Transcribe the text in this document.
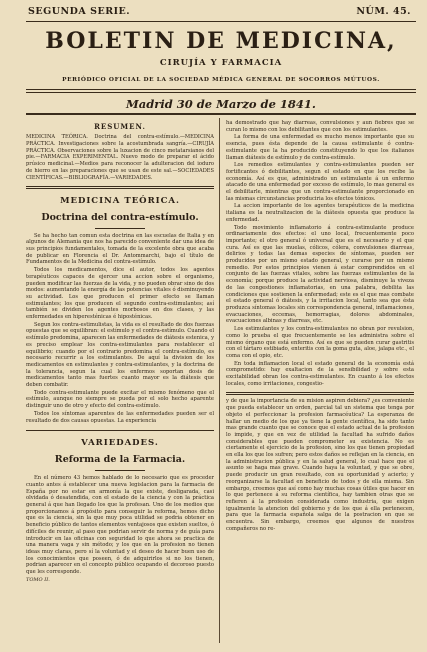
SEGUNDA SERIE.	NÚM. 45.
BOLETIN DE MEDICINA,
CIRUJÍA Y FARMACIA
PERIÓDICO OFICIAL DE LA SOCIEDAD MÉDICA GENERAL DE SOCORROS MÚTUOS.
Madrid 30 de Marzo de 1841.
RESUMEN.

MEDICINA TEÓRICA. Doctrina del contra-estímulo.—MEDICINA PRÁCTICA. Investigaciones sobre la acostumbrada sangría.—CIRUJÍA PRÁCTICA. Observaciones sobre la luxacion de cinco metatarsianos del pie.—FARMACIA EXPERIMENTAL. Nuevo modo de preparar el ácido prúsico medicinal.—Medios para reconocer la adulteracion del ioduro de hierro en las preparaciones que se usan de este sal.—SOCIEDADES CIENTÍFICAS.—BIBLIOGRAFÍA.—VARIEDADES.

MEDICINA TEÓRICA.
Doctrina del contra-estímulo.

Se ha hecho tan comun esta doctrina en las escuelas de Italia y en algunos de Alemania que nos ha parecido conveniente dar una idea de sus principios fundamentales, tomada de la excelente obra que acaba de publicar en Florencia el Dr. Antommarchi, bajo el título de Fundamentos de la Medicina del contra-estímulo.

Todos los medicamentos, dice el autor, todos los agentes terapéuticos capaces de ejercer una accion sobre el organismo, pueden modificar las fuerzas de la vida, y no pueden obrar sino de dos modos: aumentando la energía de las potencias vitales ó disminuyendo su actividad. Los que producen el primer efecto se llaman estimulantes; los que producen el segundo contra-estimulantes; así también se dividen los agentes morbosos en dos clases, y las enfermedades en hiperesténicas é hiposténicas.

Segun los contra-estimulistas, la vida es el resultado de dos fuerzas opuestas que se equilibran: el estímulo y el contra-estímulo. Cuando el estímulo predomina, aparecen las enfermedades de diátesis estenica, y es preciso emplear los contra-estimulantes para restablecer el equilibrio; cuando por el contrario predomina el contra-estímulo, es necesario recurrir a los estimulantes. De aquí la division de los medicamentos en estimulantes y contra-estimulantes, y la doctrina de la tolerancia, segun la cual los enfermos soportan dosis de medicamentos tanto mas fuertes cuanto mayor es la diátesis que deben combatir.

Todo contra-estimulante puede excitar el mismo fenómeno que el estímulo, aunque no siempre se pueda por el solo hecho aparente distinguir uno de otro y efecto del contra-estímulo.

Todos los síntomas aparentes de las enfermedades pueden ser el resultado de dos causas opuestas. La experiencia

VARIEDADES.
Reforma de la Farmacia.

En el número 43 hemos hablado de lo necesario que es proceder cuanto antes á establecer una nueva legislacion para la farmacia de España por no estar en armonía la que existe, desligarada, casi olvidada ó desatendida, con el estado de la ciencia y con la práctica general á que han llegado los que la profesan. Uno de los medios que proporcionamos á propósito para conseguir la reforma, hemos dicho que es la ciencia, sin la que muy poca utilidad se podria obtener en beneficio público de tantos elementos ventajosos que existen sueltos, ó difíciles de reunir, al paso que podrian servir de norma y de guía para introducir en las oficinas con seguridad lo que ahora se practica de una manera vaga y sin método; y los que en la profesion no tienen ideas muy claras, pero sí la voluntad y el deseo de hacer buen uso de los conocimientos que poseen, ó de adquirirlos si no los tienen, podrian aparecer en el concepto público ocupando el decoroso puesto que les corresponde.

TOMO II.

ha demostrado que hay diarreas, convulsiones y aun fiebres que se curan lo mismo con los debilitantes que con los estimulantes.

La forma de una enfermedad es mucho menos importante que su esencia, pues ésta depende de la causa estimulante ó contra-estimulante que la ha producido constituyendo lo que los italianos llaman diátesis de estímulo y de contra-estímulo.

Los remedios estimulantes y contra-estimulantes pueden ser fortificantes ó debilitantes, segun el estado en que los recibe la economía. Así es que, administrado un estimulante á un enfermo atacado de una enfermedad por exceso de estímulo, lo mas general es el debilitarle, mientras que un contra-estimulante proporcionado en las mismas circunstancias produciria los efectos tónicos.

La accion importante de los agentes terapéuticos de la medicina italiana es la neutralizacion de la diátesis opuesta que produce la enfermedad.

Todo movimiento inflamatorio á contra-estimulante produce ordinariamente dos efectos: el uno local, frecuentemente poco importante; el otro general ó universal que es el necesario y el que cura. Así es que las muelas, cólicos, cólera, convulsiones diarreas, delirios y todas las demas especies de síntomas, pueden ser producidos por un mismo estado general, y curarse por un mismo remedio. Por estos principios vienen á estar comprendidos en el conjunto de las fuerzas vitales, sobre las fuerzas estimulantes de la economía; porque produce la actividad nerviosa, disminuye la viveza de las congestiones inflamatorias, en una palabra, debilita las condiciones que sostienen la enfermedad; este es el que mas combate el estado general ó diátesis, y la irritacion local, tanto sea que ésta produzca síntomas locales sin correspondencia general, inflamaciones, evacuaciones, eccemas, hemorragias, dolores abdominales, evacuaciones albinas y diarreas, etc.

Los estimulantes y los contra-estimulantes no obran por revulsion, como lo prueba el que frecuentemente se les administra sobre el mismo órgano que está enfermo. Así es que se pueden curar gastritis con el tártaro estibiado, enteritis con la goma guta, aloe, jalapa etc., el coma con el opio, etc.

En toda inflamacion local el estado general de la economía está comprometido: hay exaltacion de la sensibilidad y sobre esta excitabilidad obran los contra-estimulantes. En cuanto á los efectos locales, como irritaciones, congestio-

y de que la importancia de su mision aspiren debiera? ¿es conveniente que pueda establecer un orden, parcial tal un sistema que tenga por objeto el perfeccionar la profesion farmacéutica? La esperanza de hallar un medio de los que ya tiene la gente científica, ha sido tanto mas grande cuanto que se conoce que el estado actual de la profesion lo impide, y que en vez de utilidad la facultad ha sufrido daños considerables que pueden comprometer su existencia. No es ciertamente el ejercicio de la profesion, sino los que tienen propiedad en ella los que los sufren; pero estos daños se reflejan en la ciencia, en la administracion pública y en la salud general, lo cual hace que el asunto se haga mas grave. Cuando haya la voluntad, y que se obre, puede producir un gran resultado, con su oportunidad y acierto; y reorganizarse la facultad en beneficio de todos y de ella misma. Sin embargo, creemos que así como hay muchas cosas útiles que hacer en lo que pertenece á su reforma científica, hay tambien otras que se refieren á la profesion considerada como industria, que exigen igualmente la atencion del gobierno y de los que á ella pertenecen, para que la farmacia española salga de la postracion en que se encuentra. Sin embargo, creemos que algunos de nuestros compañeros no re-
